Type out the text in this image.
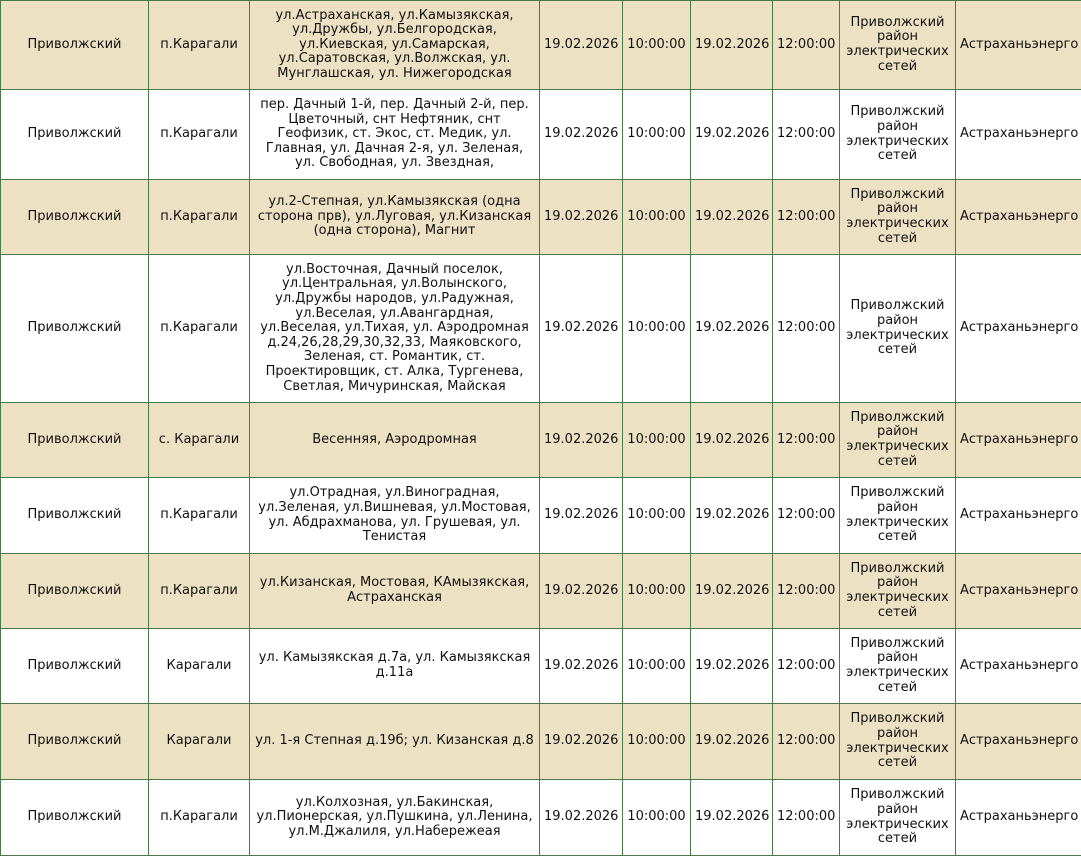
Приволжский	п.Карагали	ул.Астраханская, ул.Камызякская, ул.Дружбы, ул.Белгородская, ул.Киевская, ул.Самарская, ул.Саратовская, ул.Волжская, ул. Мунглашская, ул. Нижегородская	19.02.2026	10:00:00	19.02.2026	12:00:00	Приволжский район электрических сетей	Астраханьэнерго
Приволжский	п.Карагали	пер. Дачный 1-й, пер. Дачный 2-й, пер. Цветочный, снт Нефтяник, снт Геофизик, ст. Экос, ст. Медик, ул. Главная, ул. Дачная 2-я, ул. Зеленая, ул. Свободная, ул. Звездная,	19.02.2026	10:00:00	19.02.2026	12:00:00	Приволжский район электрических сетей	Астраханьэнерго
Приволжский	п.Карагали	ул.2-Степная, ул.Камызякская (одна сторона прв), ул.Луговая, ул.Кизанская (одна сторона), Магнит	19.02.2026	10:00:00	19.02.2026	12:00:00	Приволжский район электрических сетей	Астраханьэнерго
Приволжский	п.Карагали	ул.Восточная, Дачный поселок, ул.Центральная, ул.Волынского, ул.Дружбы народов, ул.Радужная, ул.Веселая, ул.Авангардная, ул.Веселая, ул.Тихая, ул. Аэродромная д.24,26,28,29,30,32,33, Маяковского, Зеленая, ст. Романтик, ст. Проектировщик, ст. Алка, Тургенева, Светлая, Мичуринская, Майская	19.02.2026	10:00:00	19.02.2026	12:00:00	Приволжский район электрических сетей	Астраханьэнерго
Приволжский	с. Карагали	Весенняя, Аэродромная	19.02.2026	10:00:00	19.02.2026	12:00:00	Приволжский район электрических сетей	Астраханьэнерго
Приволжский	п.Карагали	ул.Отрадная, ул.Виноградная, ул.Зеленая, ул.Вишневая, ул.Мостовая, ул. Абдрахманова, ул. Грушевая, ул. Тенистая	19.02.2026	10:00:00	19.02.2026	12:00:00	Приволжский район электрических сетей	Астраханьэнерго
Приволжский	п.Карагали	ул.Кизанская, Мостовая, КАмызякская, Астраханская	19.02.2026	10:00:00	19.02.2026	12:00:00	Приволжский район электрических сетей	Астраханьэнерго
Приволжский	Карагали	ул. Камызякская д.7а, ул. Камызякская д.11а	19.02.2026	10:00:00	19.02.2026	12:00:00	Приволжский район электрических сетей	Астраханьэнерго
Приволжский	Карагали	ул. 1-я Степная д.19б; ул. Кизанская д.8	19.02.2026	10:00:00	19.02.2026	12:00:00	Приволжский район электрических сетей	Астраханьэнерго
Приволжский	п.Карагали	ул.Колхозная, ул.Бакинская, ул.Пионерская, ул.Пушкина, ул.Ленина, ул.М.Джалиля, ул.Набережеая	19.02.2026	10:00:00	19.02.2026	12:00:00	Приволжский район электрических сетей	Астраханьэнерго
